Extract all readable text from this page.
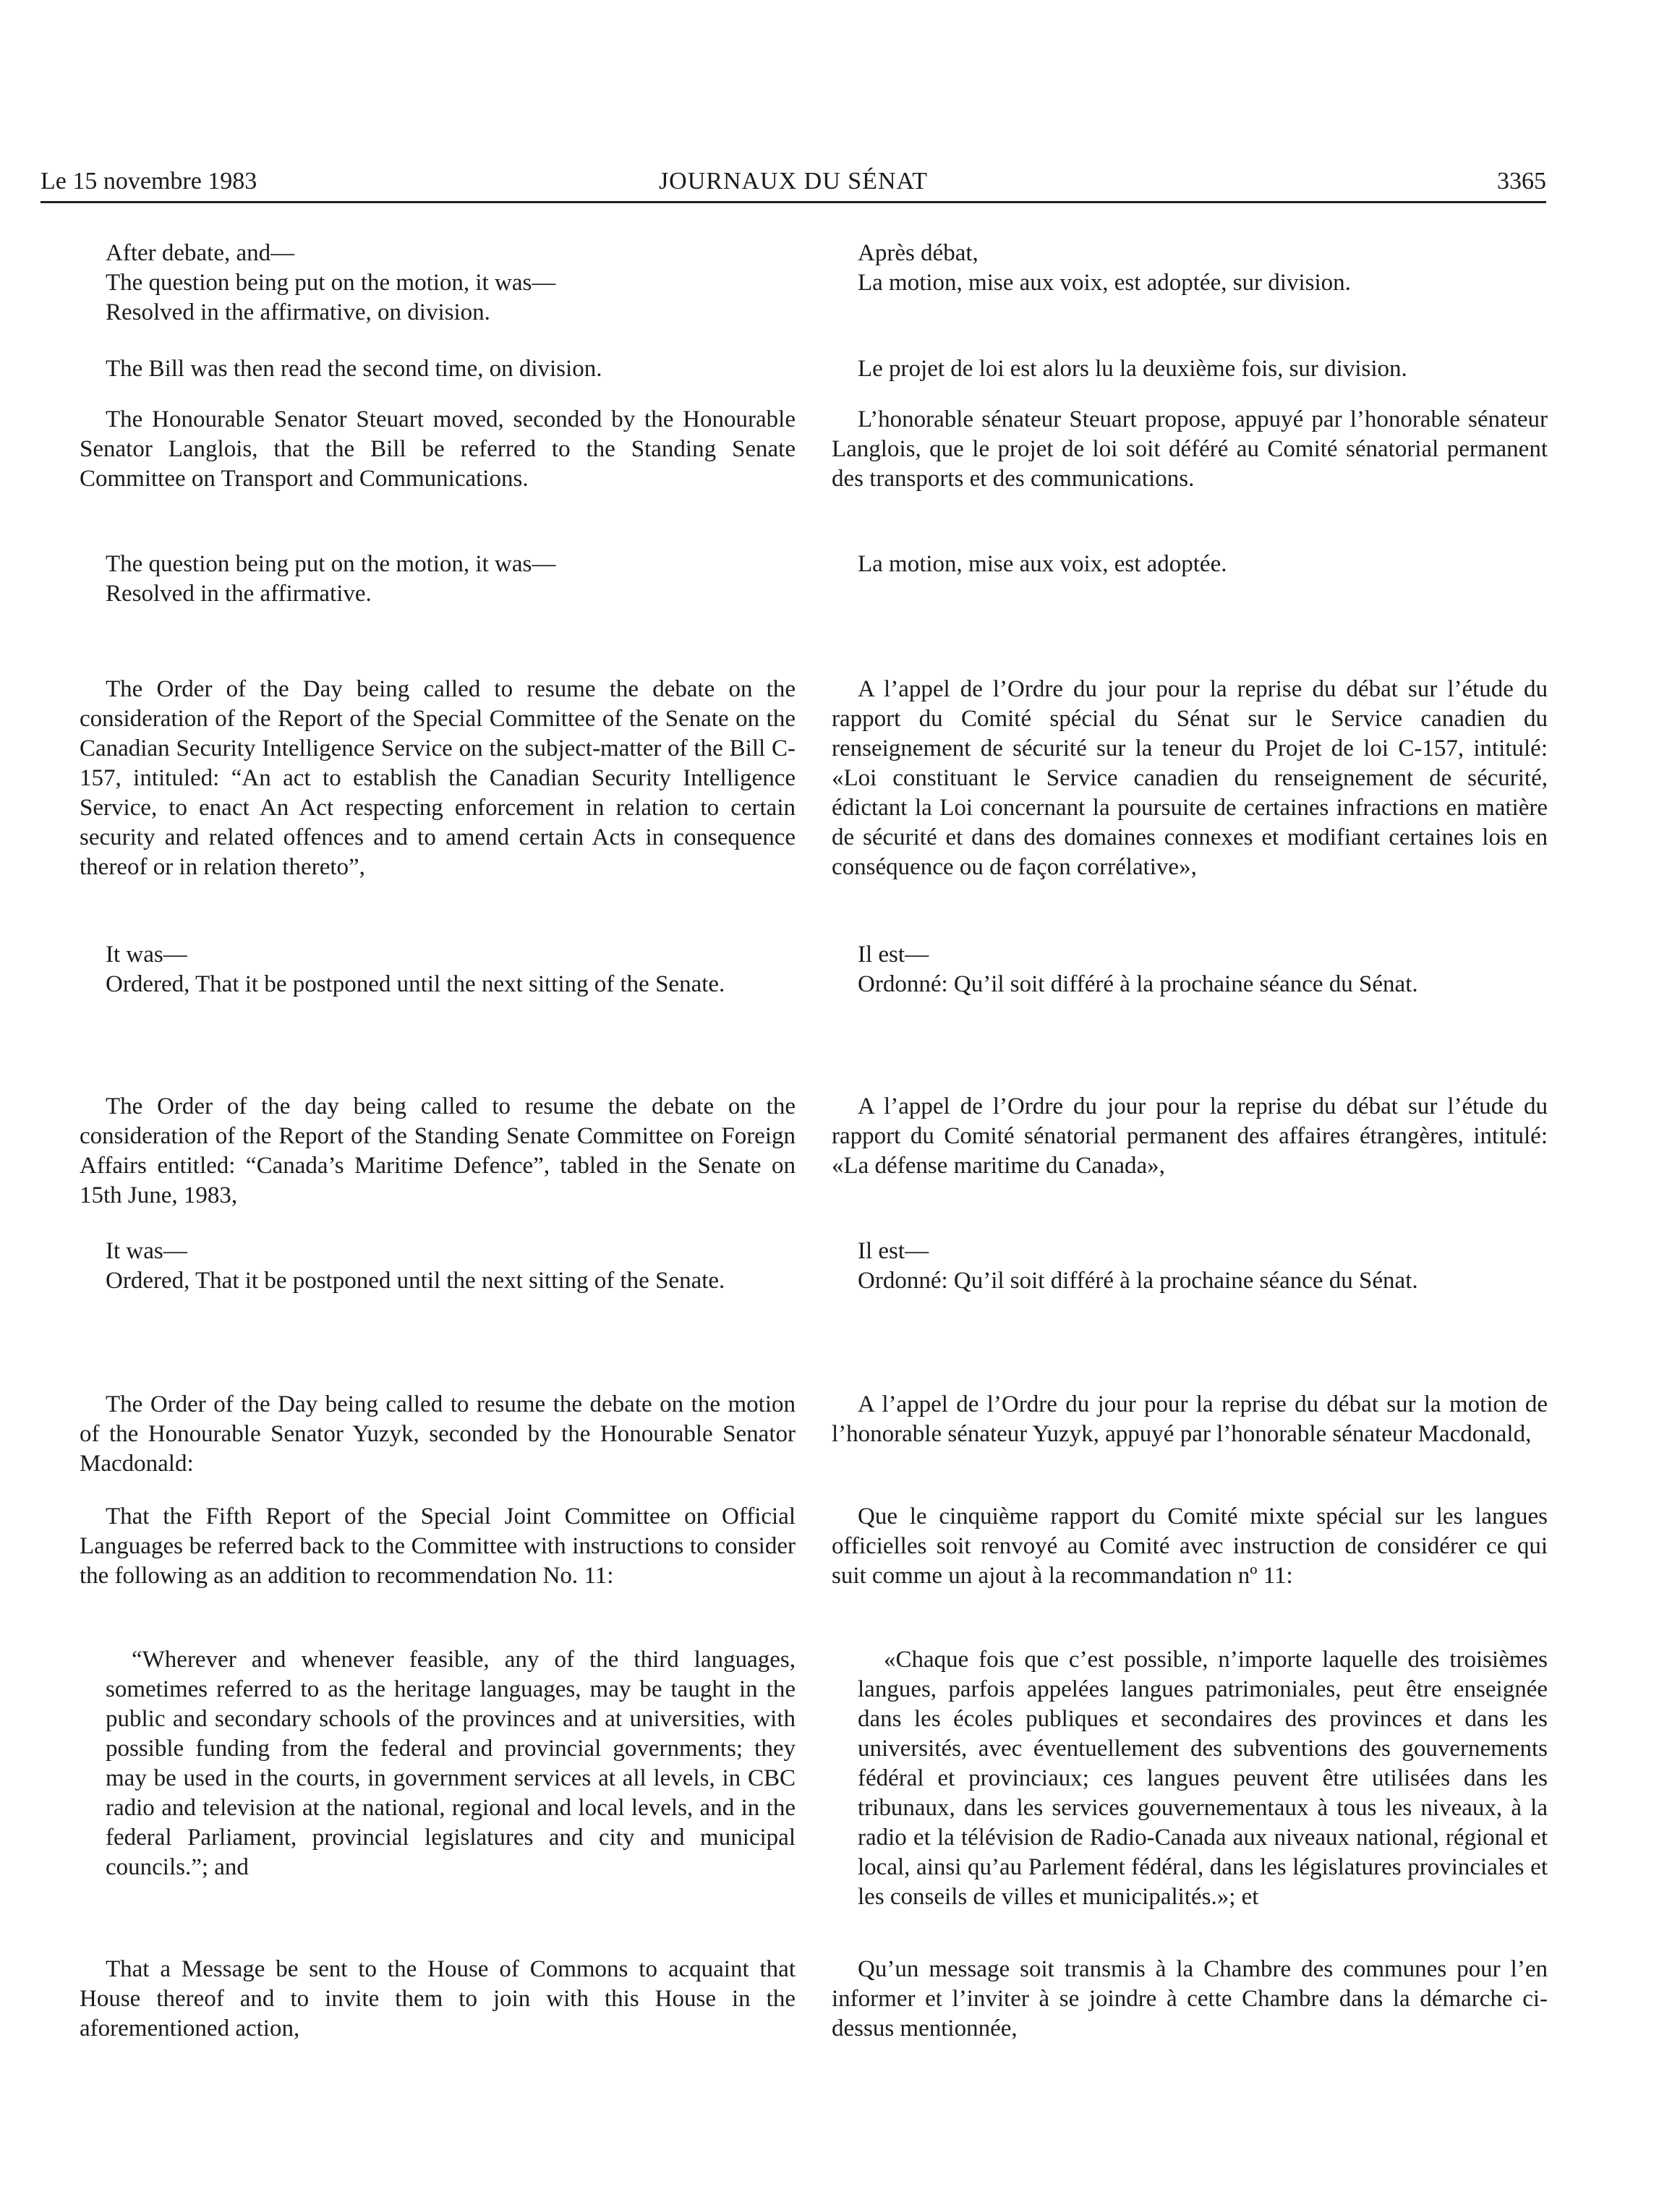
Le 15 novembre 1983	JOURNAUX DU SÉNAT	3365

After debate, and—

The question being put on the motion, it was—

Resolved in the affirmative, on division.

The Bill was then read the second time, on division.

The Honourable Senator Steuart moved, seconded by the Honourable Senator Langlois, that the Bill be referred to the Standing Senate Committee on Transport and Communications.

The question being put on the motion, it was—

Resolved in the affirmative.

The Order of the Day being called to resume the debate on the consideration of the Report of the Special Committee of the Senate on the Canadian Security Intelligence Service on the subject-matter of the Bill C-157, intituled: “An act to establish the Canadian Security Intelligence Service, to enact An Act respecting enforcement in relation to certain security and related offences and to amend certain Acts in consequence thereof or in relation thereto”,

It was—

Ordered, That it be postponed until the next sitting of the Senate.

The Order of the day being called to resume the debate on the consideration of the Report of the Standing Senate Committee on Foreign Affairs entitled: “Canada’s Maritime Defence”, tabled in the Senate on 15th June, 1983,

It was—

Ordered, That it be postponed until the next sitting of the Senate.

The Order of the Day being called to resume the debate on the motion of the Honourable Senator Yuzyk, seconded by the Honourable Senator Macdonald:

That the Fifth Report of the Special Joint Committee on Official Languages be referred back to the Committee with instructions to consider the following as an addition to recommendation No. 11:

“Wherever and whenever feasible, any of the third languages, sometimes referred to as the heritage languages, may be taught in the public and secondary schools of the provinces and at universities, with possible funding from the federal and provincial governments; they may be used in the courts, in government services at all levels, in CBC radio and television at the national, regional and local levels, and in the federal Parliament, provincial legislatures and city and municipal councils.”; and

That a Message be sent to the House of Commons to acquaint that House thereof and to invite them to join with this House in the aforementioned action,

Après débat,

La motion, mise aux voix, est adoptée, sur division.

Le projet de loi est alors lu la deuxième fois, sur division.

L’honorable sénateur Steuart propose, appuyé par l’honorable sénateur Langlois, que le projet de loi soit déféré au Comité sénatorial permanent des transports et des communications.

La motion, mise aux voix, est adoptée.

A l’appel de l’Ordre du jour pour la reprise du débat sur l’étude du rapport du Comité spécial du Sénat sur le Service canadien du renseignement de sécurité sur la teneur du Projet de loi C-157, intitulé: «Loi constituant le Service canadien du renseignement de sécurité, édictant la Loi concernant la poursuite de certaines infractions en matière de sécurité et dans des domaines connexes et modifiant certaines lois en conséquence ou de façon corrélative»,

Il est—

Ordonné: Qu’il soit différé à la prochaine séance du Sénat.

A l’appel de l’Ordre du jour pour la reprise du débat sur l’étude du rapport du Comité sénatorial permanent des affaires étrangères, intitulé: «La défense maritime du Canada»,

Il est—

Ordonné: Qu’il soit différé à la prochaine séance du Sénat.

A l’appel de l’Ordre du jour pour la reprise du débat sur la motion de l’honorable sénateur Yuzyk, appuyé par l’honorable sénateur Macdonald,

Que le cinquième rapport du Comité mixte spécial sur les langues officielles soit renvoyé au Comité avec instruction de considérer ce qui suit comme un ajout à la recommandation nº 11:

«Chaque fois que c’est possible, n’importe laquelle des troisièmes langues, parfois appelées langues patrimoniales, peut être enseignée dans les écoles publiques et secondaires des provinces et dans les universités, avec éventuellement des subventions des gouvernements fédéral et provinciaux; ces langues peuvent être utilisées dans les tribunaux, dans les services gouvernementaux à tous les niveaux, à la radio et la télévision de Radio-Canada aux niveaux national, régional et local, ainsi qu’au Parlement fédéral, dans les législatures provinciales et les conseils de villes et municipalités.»; et

Qu’un message soit transmis à la Chambre des communes pour l’en informer et l’inviter à se joindre à cette Chambre dans la démarche ci-dessus mentionnée,
